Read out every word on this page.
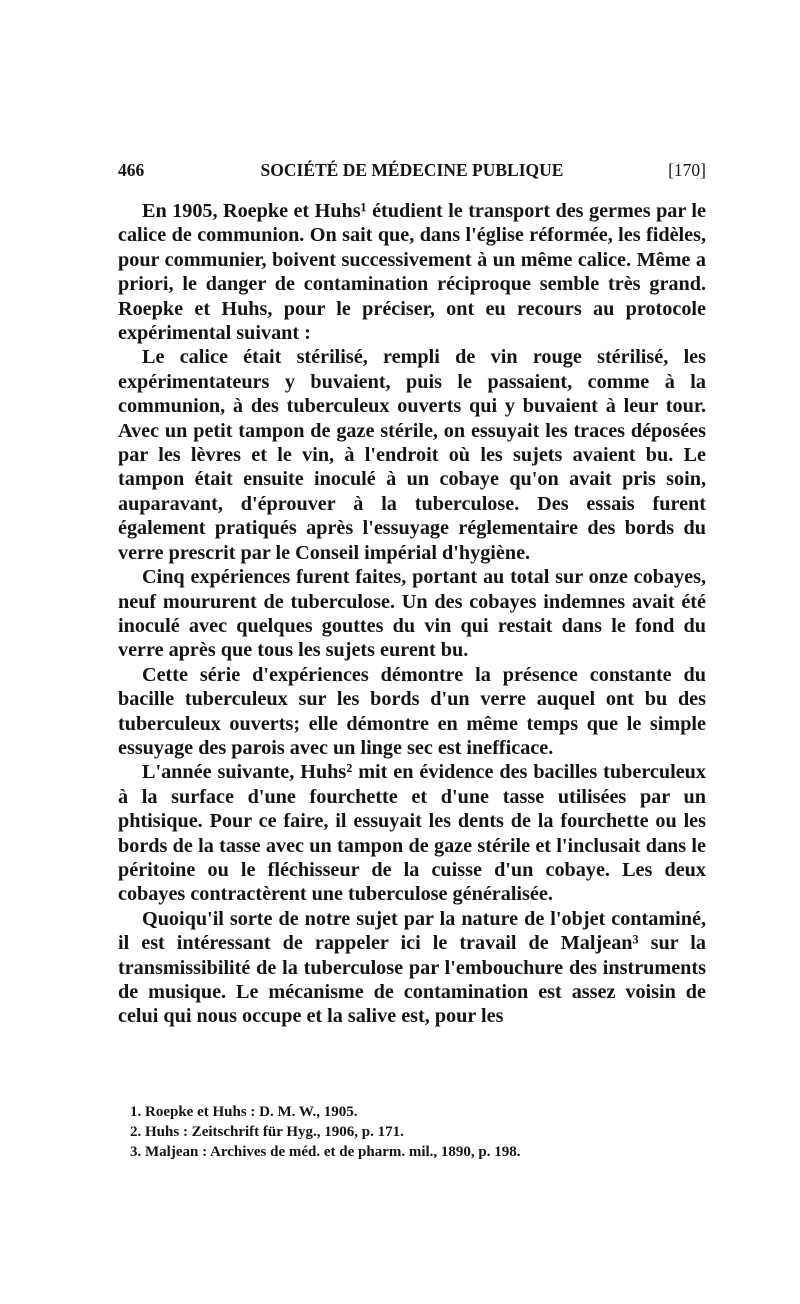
466	SOCIÉTÉ DE MÉDECINE PUBLIQUE	[170]

En 1905, Roepke et Huhs¹ étudient le transport des germes par le calice de communion. On sait que, dans l'église réformée, les fidèles, pour communier, boivent successivement à un même calice. Même a priori, le danger de contamination réciproque semble très grand. Roepke et Huhs, pour le préciser, ont eu recours au protocole expérimental suivant :

Le calice était stérilisé, rempli de vin rouge stérilisé, les expérimentateurs y buvaient, puis le passaient, comme à la communion, à des tuberculeux ouverts qui y buvaient à leur tour. Avec un petit tampon de gaze stérile, on essuyait les traces déposées par les lèvres et le vin, à l'endroit où les sujets avaient bu. Le tampon était ensuite inoculé à un cobaye qu'on avait pris soin, auparavant, d'éprouver à la tuberculose. Des essais furent également pratiqués après l'essuyage réglementaire des bords du verre prescrit par le Conseil impérial d'hygiène.

Cinq expériences furent faites, portant au total sur onze cobayes, neuf moururent de tuberculose. Un des cobayes indemnes avait été inoculé avec quelques gouttes du vin qui restait dans le fond du verre après que tous les sujets eurent bu.

Cette série d'expériences démontre la présence constante du bacille tuberculeux sur les bords d'un verre auquel ont bu des tuberculeux ouverts; elle démontre en même temps que le simple essuyage des parois avec un linge sec est inefficace.

L'année suivante, Huhs² mit en évidence des bacilles tuberculeux à la surface d'une fourchette et d'une tasse utilisées par un phtisique. Pour ce faire, il essuyait les dents de la fourchette ou les bords de la tasse avec un tampon de gaze stérile et l'inclusait dans le péritoine ou le fléchisseur de la cuisse d'un cobaye. Les deux cobayes contractèrent une tuberculose généralisée.

Quoiqu'il sorte de notre sujet par la nature de l'objet contaminé, il est intéressant de rappeler ici le travail de Maljean³ sur la transmissibilité de la tuberculose par l'embouchure des instruments de musique. Le mécanisme de contamination est assez voisin de celui qui nous occupe et la salive est, pour les

1. Roepke et Huhs : D. M. W., 1905.
2. Huhs : Zeitschrift für Hyg., 1906, p. 171.
3. Maljean : Archives de méd. et de pharm. mil., 1890, p. 198.
